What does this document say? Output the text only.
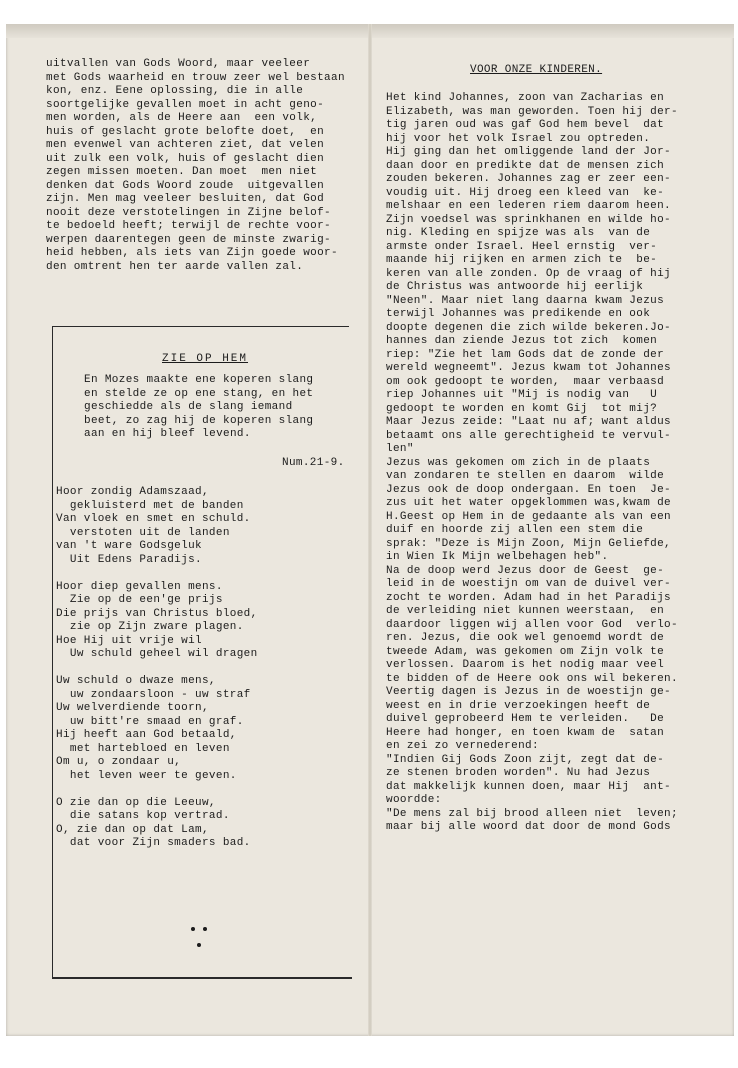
uitvallen van Gods Woord, maar veeleer
met Gods waarheid en trouw zeer wel bestaan
kon, enz. Eene oplossing, die in alle
soortgelijke gevallen moet in acht geno-
men worden, als de Heere aan  een volk,
huis of geslacht grote belofte doet,  en
men evenwel van achteren ziet, dat velen
uit zulk een volk, huis of geslacht dien
zegen missen moeten. Dan moet  men niet
denken dat Gods Woord zoude  uitgevallen
zijn. Men mag veeleer besluiten, dat God
nooit deze verstotelingen in Zijne belof-
te bedoeld heeft; terwijl de rechte voor-
werpen daarentegen geen de minste zwarig-
heid hebben, als iets van Zijn goede woor-
den omtrent hen ter aarde vallen zal.
ZIE OP HEM
En Mozes maakte ene koperen slang
en stelde ze op ene stang, en het
geschiedde als de slang iemand
beet, zo zag hij de koperen slang
aan en hij bleef levend.
Num.21-9.
Hoor zondig Adamszaad,
gekluisterd met de banden
Van vloek en smet en schuld.
verstoten uit de landen
van 't ware Godsgeluk
Uit Edens Paradijs.

Hoor diep gevallen mens.
Zie op de een'ge prijs
Die prijs van Christus bloed,
zie op Zijn zware plagen.
Hoe Hij uit vrije wil
Uw schuld geheel wil dragen

Uw schuld o dwaze mens,
uw zondaarsloon - uw straf
Uw welverdiende toorn,
uw bitt're smaad en graf.
Hij heeft aan God betaald,
met hartebloed en leven
Om u, o zondaar u,
het leven weer te geven.

O zie dan op die Leeuw,
die satans kop vertrad.
O, zie dan op dat Lam,
dat voor Zijn smaders bad.
VOOR ONZE KINDEREN.
Het kind Johannes, zoon van Zacharias en
Elizabeth, was man geworden. Toen hij der-
tig jaren oud was gaf God hem bevel  dat
hij voor het volk Israel zou optreden.
Hij ging dan het omliggende land der Jor-
daan door en predikte dat de mensen zich
zouden bekeren. Johannes zag er zeer een-
voudig uit. Hij droeg een kleed van  ke-
melshaar en een lederen riem daarom heen.
Zijn voedsel was sprinkhanen en wilde ho-
nig. Kleding en spijze was als  van de
armste onder Israel. Heel ernstig  ver-
maande hij rijken en armen zich te  be-
keren van alle zonden. Op de vraag of hij
de Christus was antwoorde hij eerlijk
"Neen". Maar niet lang daarna kwam Jezus
terwijl Johannes was predikende en ook
doopte degenen die zich wilde bekeren.Jo-
hannes dan ziende Jezus tot zich  komen
riep: "Zie het lam Gods dat de zonde der
wereld wegneemt". Jezus kwam tot Johannes
om ook gedoopt te worden,  maar verbaasd
riep Johannes uit "Mij is nodig van   U
gedoopt te worden en komt Gij  tot mij?
Maar Jezus zeide: "Laat nu af; want aldus
betaamt ons alle gerechtigheid te vervul-
len"
Jezus was gekomen om zich in de plaats
van zondaren te stellen en daarom  wilde
Jezus ook de doop ondergaan. En toen  Je-
zus uit het water opgeklommen was,kwam de
H.Geest op Hem in de gedaante als van een
duif en hoorde zij allen een stem die
sprak: "Deze is Mijn Zoon, Mijn Geliefde,
in Wien Ik Mijn welbehagen heb".
Na de doop werd Jezus door de Geest  ge-
leid in de woestijn om van de duivel ver-
zocht te worden. Adam had in het Paradijs
de verleiding niet kunnen weerstaan,  en
daardoor liggen wij allen voor God  verlo-
ren. Jezus, die ook wel genoemd wordt de
tweede Adam, was gekomen om Zijn volk te
verlossen. Daarom is het nodig maar veel
te bidden of de Heere ook ons wil bekeren.
Veertig dagen is Jezus in de woestijn ge-
weest en in drie verzoekingen heeft de
duivel geprobeerd Hem te verleiden.   De
Heere had honger, en toen kwam de  satan
en zei zo vernederend:
"Indien Gij Gods Zoon zijt, zegt dat de-
ze stenen broden worden". Nu had Jezus
dat makkelijk kunnen doen, maar Hij  ant-
woordde:
"De mens zal bij brood alleen niet  leven;
maar bij alle woord dat door de mond Gods
